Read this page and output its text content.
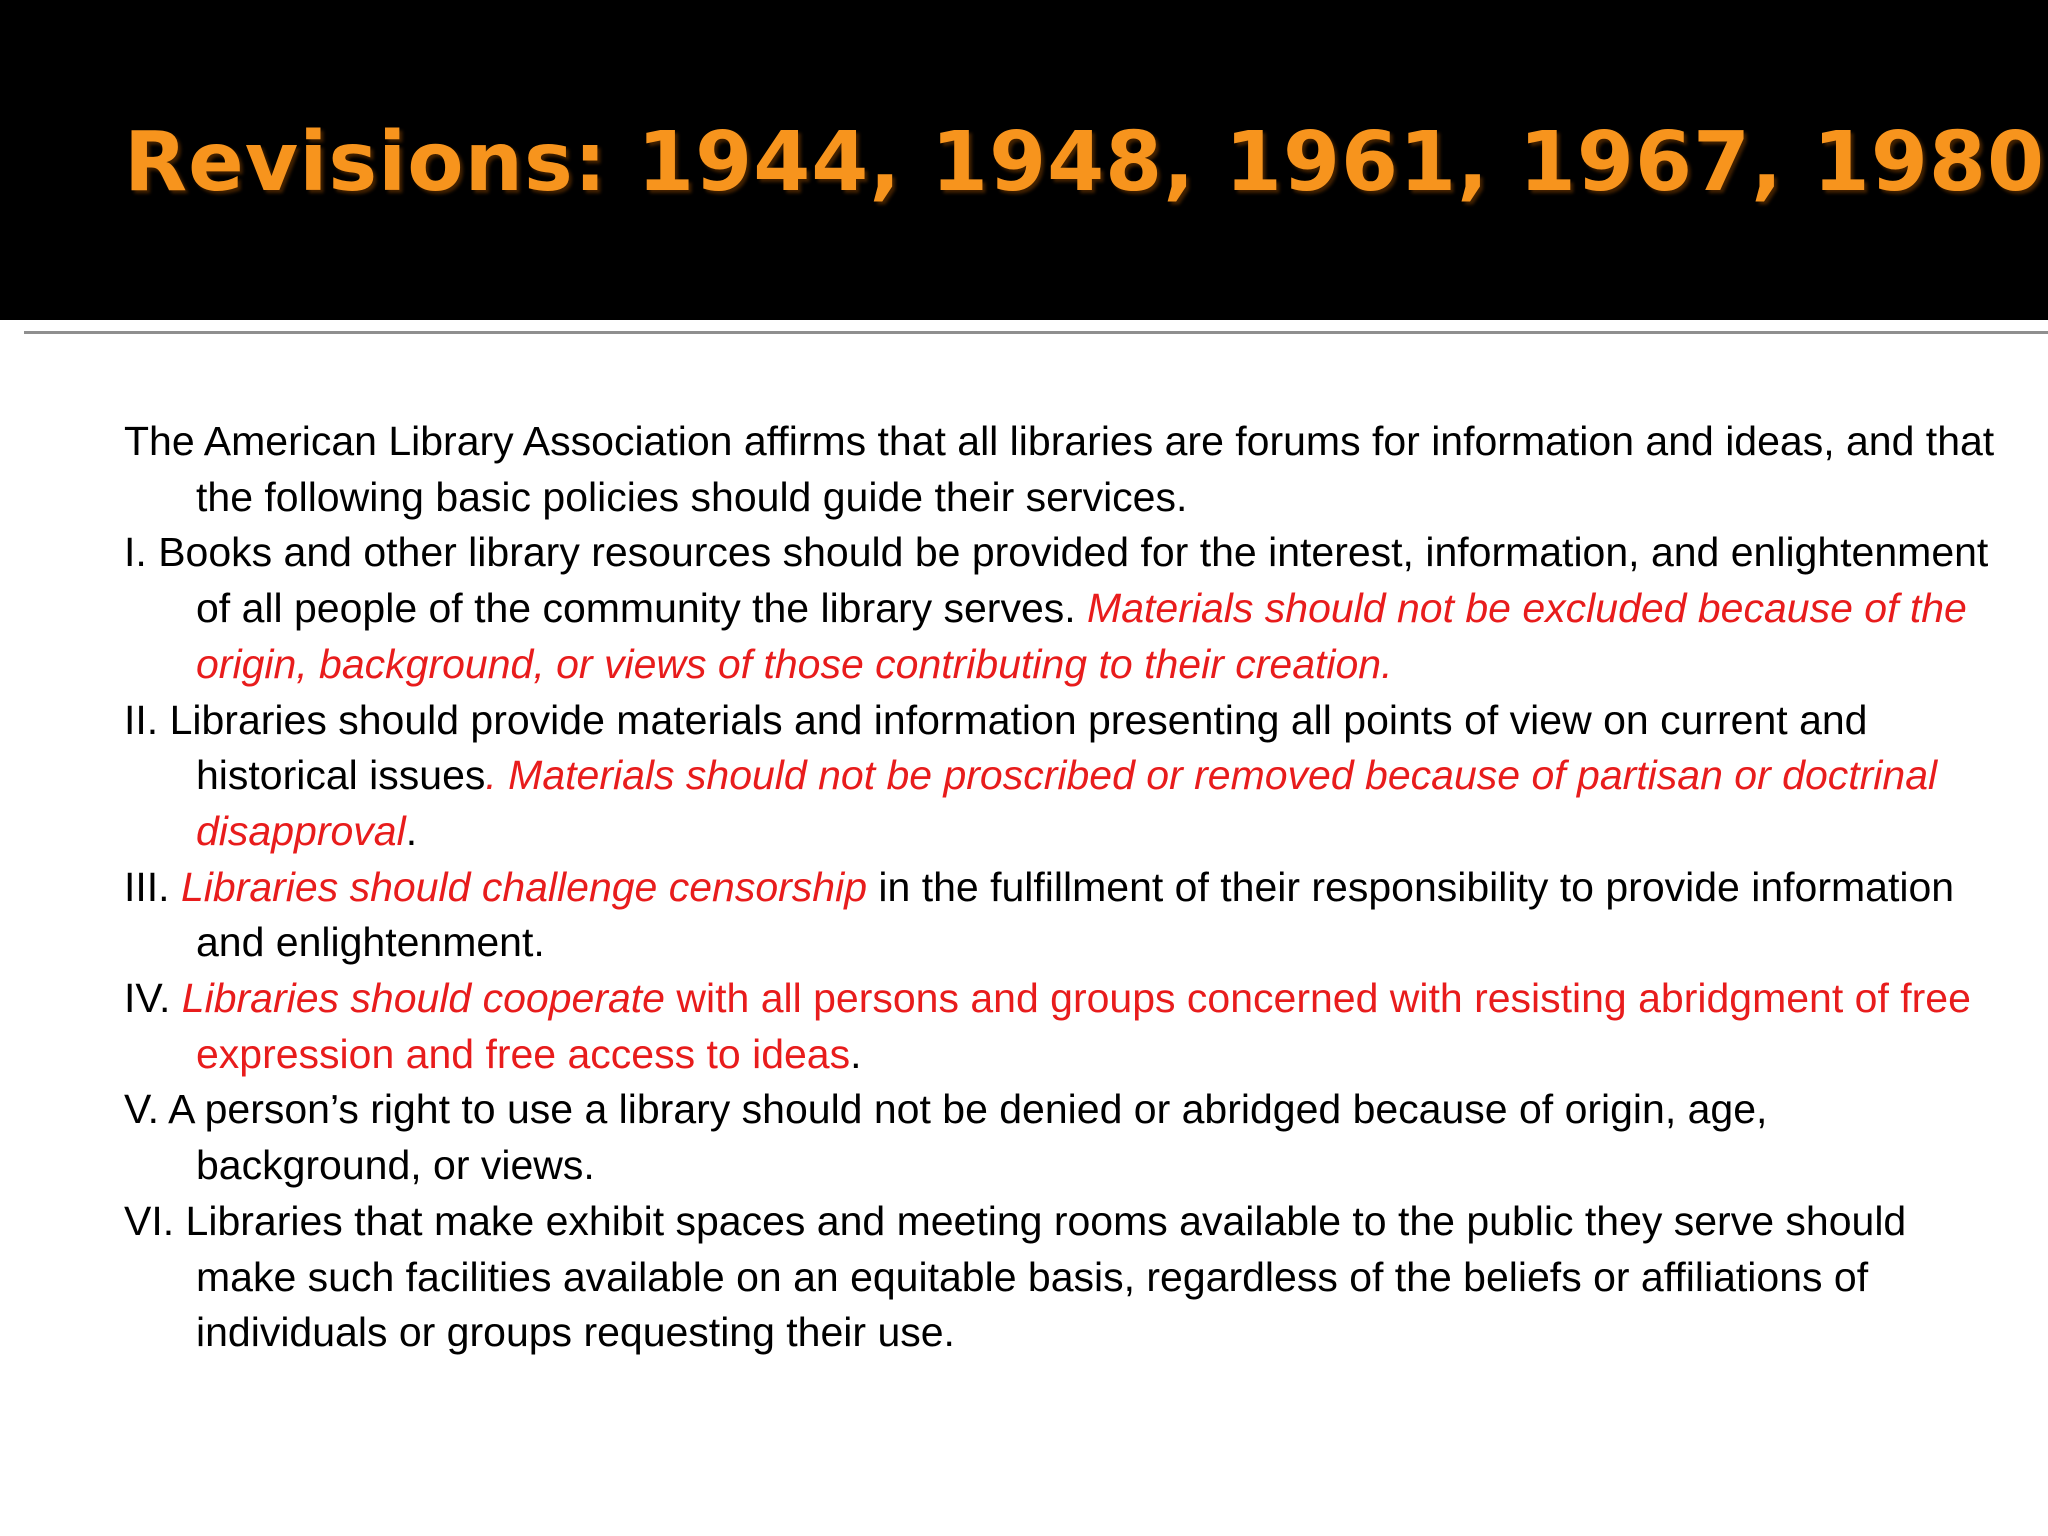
Revisions: 1944, 1948, 1961, 1967, 1980

The American Library Association affirms that all libraries are forums for information and ideas, and that the following basic policies should guide their services.

I. Books and other library resources should be provided for the interest, information, and enlightenment of all people of the community the library serves. Materials should not be excluded because of the origin, background, or views of those contributing to their creation.

II. Libraries should provide materials and information presenting all points of view on current and historical issues. Materials should not be proscribed or removed because of partisan or doctrinal disapproval.

III. Libraries should challenge censorship in the fulfillment of their responsibility to provide information and enlightenment.

IV. Libraries should cooperate with all persons and groups concerned with resisting abridgment of free expression and free access to ideas.

V. A person’s right to use a library should not be denied or abridged because of origin, age, background, or views.

VI. Libraries that make exhibit spaces and meeting rooms available to the public they serve should make such facilities available on an equitable basis, regardless of the beliefs or affiliations of individuals or groups requesting their use.
